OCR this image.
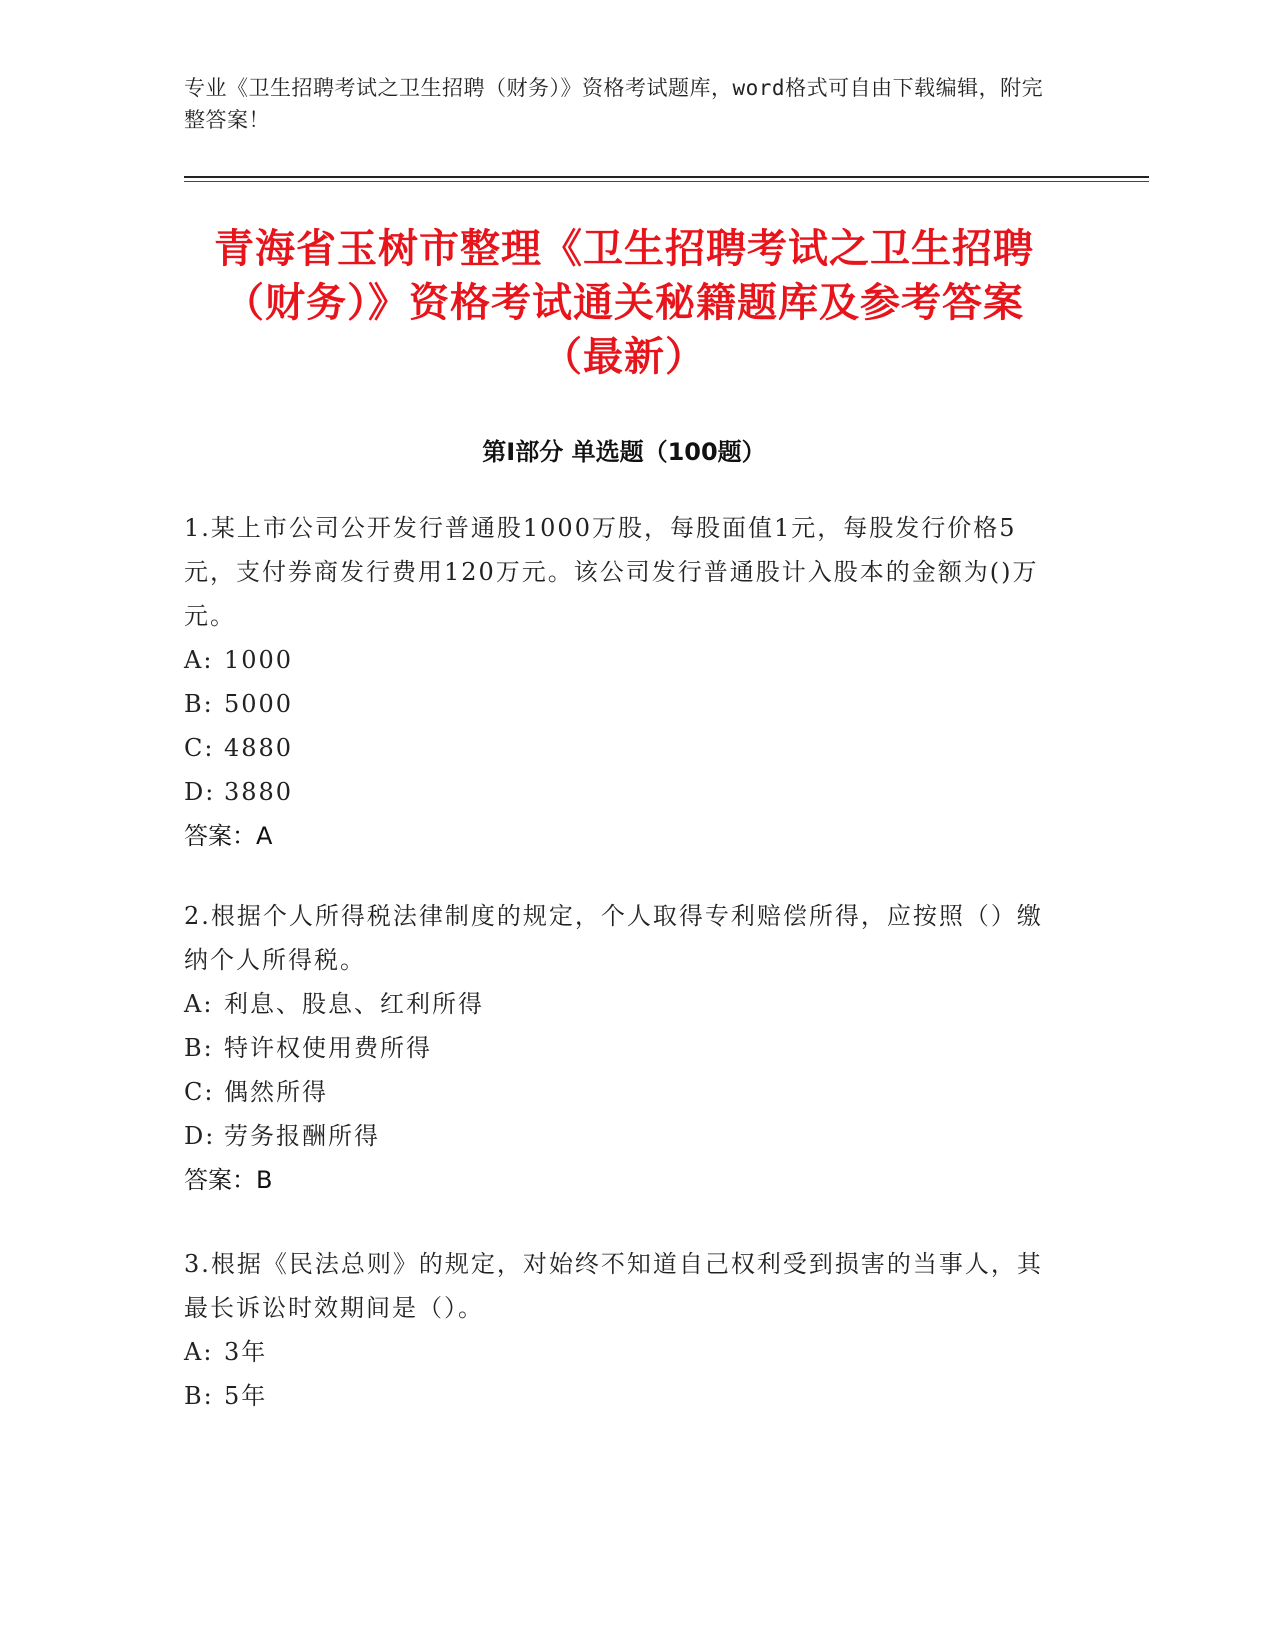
专业《卫生招聘考试之卫生招聘（财务）》资格考试题库，word格式可自由下载编辑，附完整答案！
青海省玉树市整理《卫生招聘考试之卫生招聘（财务）》资格考试通关秘籍题库及参考答案（最新）
第I部分 单选题（100题）

1.某上市公司公开发行普通股1000万股，每股面值1元，每股发行价格5元，支付券商发行费用120万元。该公司发行普通股计入股本的金额为()万元。

A: 1000

B: 5000

C: 4880

D: 3880

答案：A

2.根据个人所得税法律制度的规定，个人取得专利赔偿所得，应按照（）缴纳个人所得税。

A: 利息、股息、红利所得

B: 特许权使用费所得

C: 偶然所得

D: 劳务报酬所得

答案：B

3.根据《民法总则》的规定，对始终不知道自己权利受到损害的当事人，其最长诉讼时效期间是（）。

A: 3年

B: 5年
